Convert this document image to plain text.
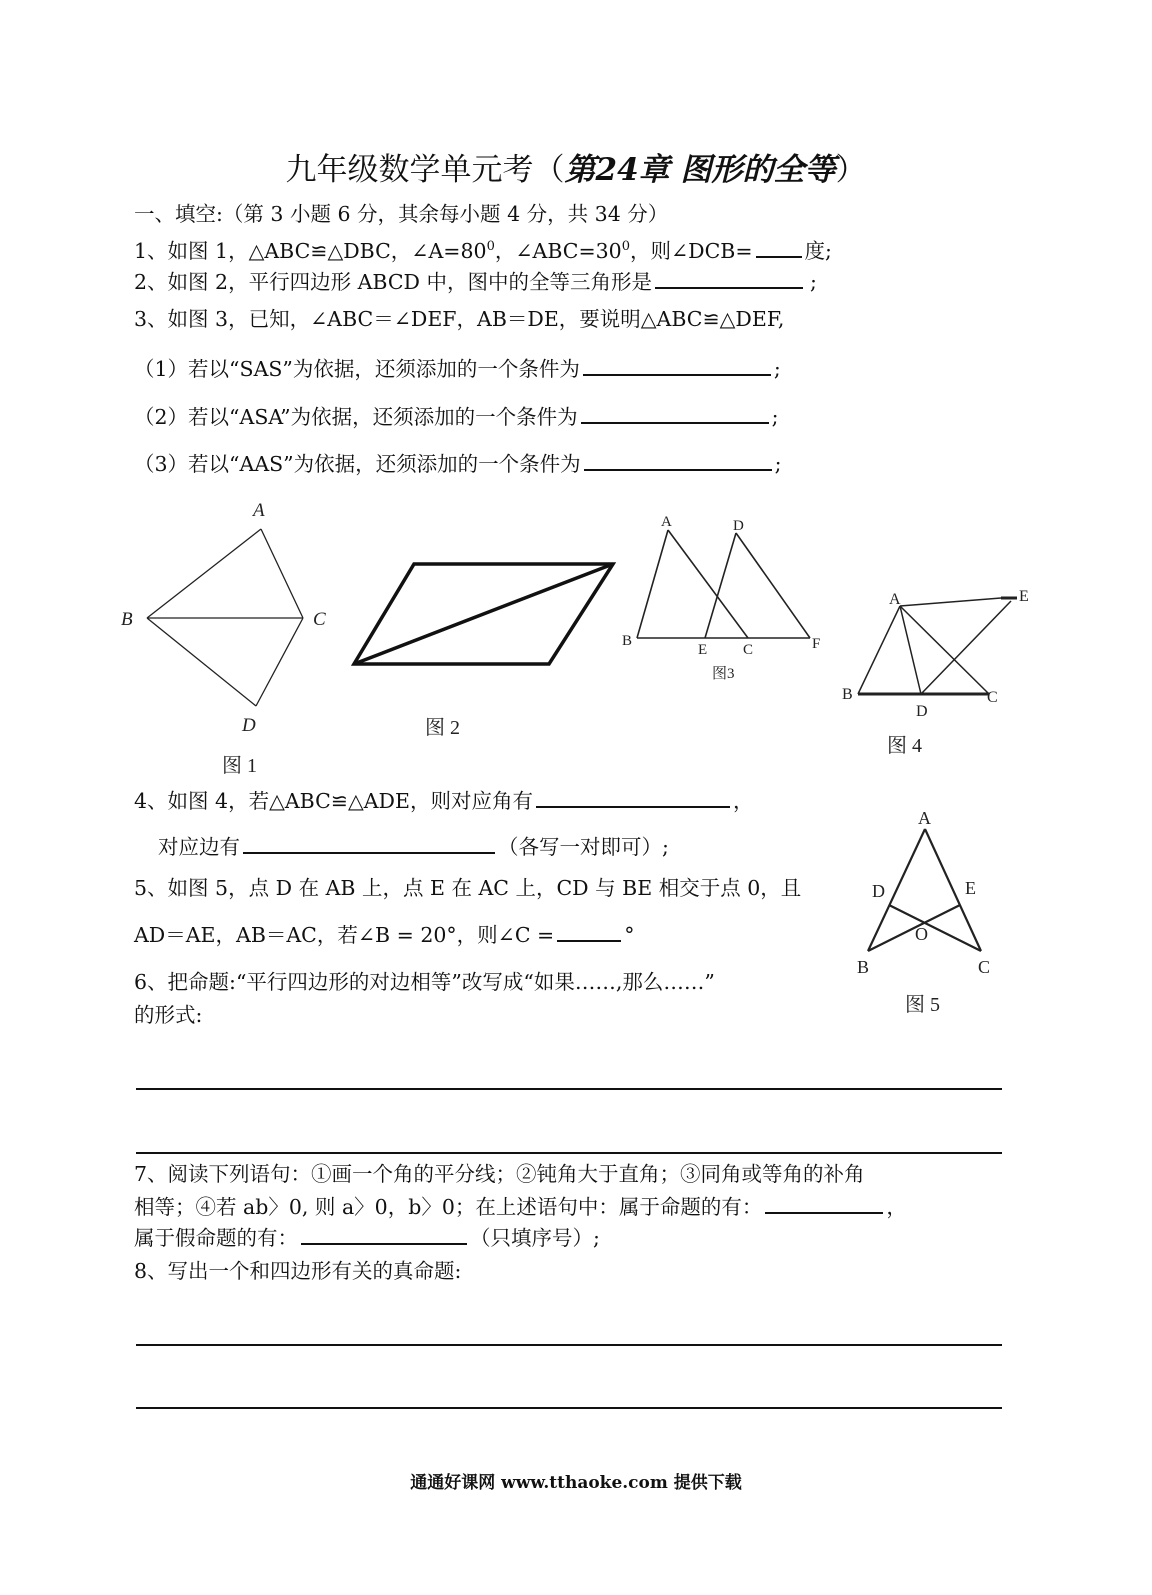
九年级数学单元考（第24章 图形的全等）
一、填空:（第 3 小题 6 分，其余每小题 4 分，共 34 分）
1、如图 1，△ABC≌△DBC，$\angle A=80^0$，$\angle ABC=30^0$，则∠DCB=	度;
2、如图 2，平行四边形 ABCD 中，图中的全等三角形是	;
3、如图 3，已知，∠ABC＝∠DEF，AB＝DE，要说明△ABC≌△DEF,
（1）若以“SAS”为依据，还须添加的一个条件为	;
（2）若以“ASA”为依据，还须添加的一个条件为	;
（3）若以“AAS”为依据，还须添加的一个条件为	;
A
B	C
D
图 1
图 2
A	D
B
E C	F
图3
A	E
B
D
C
图 4
A
D	E
O
B	C
图 5
4、如图 4，若△ABC≌△ADE，则对应角有	，
对应边有	（各写一对即可）;
5、如图 5，点 D 在 AB 上，点 E 在 AC 上，CD 与 BE 相交于点 0，且
AD＝AE，AB＝AC，若∠B = 20°，则∠C =	°
6、把命题:“平行四边形的对边相等”改写成“如果……,那么……”
的形式:
7、阅读下列语句：①画一个角的平分线；②钝角大于直角；③同角或等角的补角
相等；④若 ab〉0, 则 a〉0，b〉0；在上述语句中：属于命题的有：	，
属于假命题的有：	（只填序号）;
8、写出一个和四边形有关的真命题:
通通好课网 www.tthaoke.com 提供下载
